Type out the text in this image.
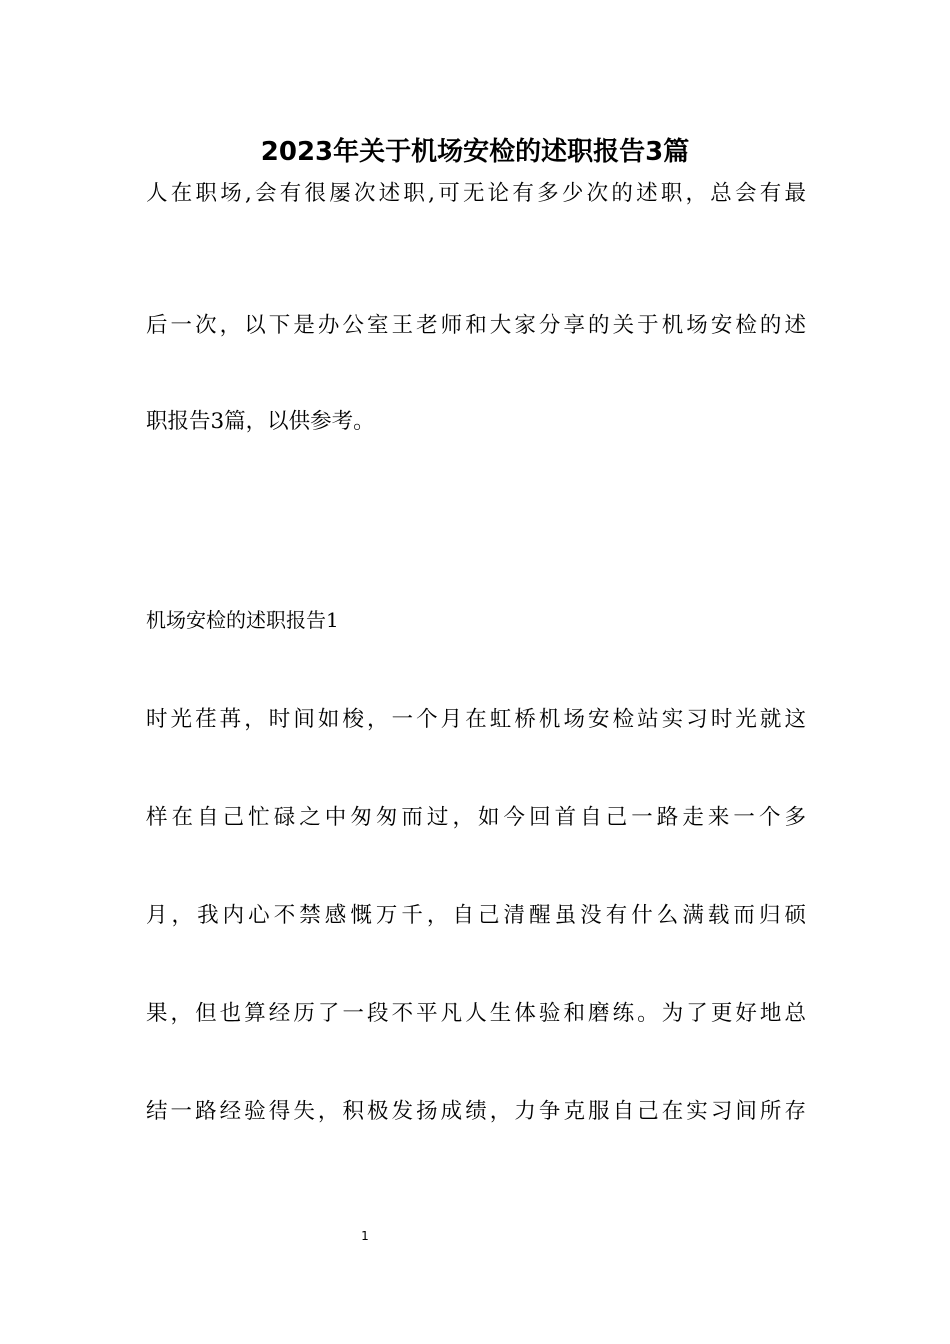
2023年关于机场安检的述职报告3篇
人在职场,会有很屡次述职,可无论有多少次的述职，总会有最
后一次，以下是办公室王老师和大家分享的关于机场安检的述
职报告3篇，以供参考。
机场安检的述职报告1
时光荏苒，时间如梭，一个月在虹桥机场安检站实习时光就这
样在自己忙碌之中匆匆而过，如今回首自己一路走来一个多
月，我内心不禁感慨万千，自己清醒虽没有什么满载而归硕
果，但也算经历了一段不平凡人生体验和磨练。为了更好地总
结一路经验得失，积极发扬成绩，力争克服自己在实习间所存
1
